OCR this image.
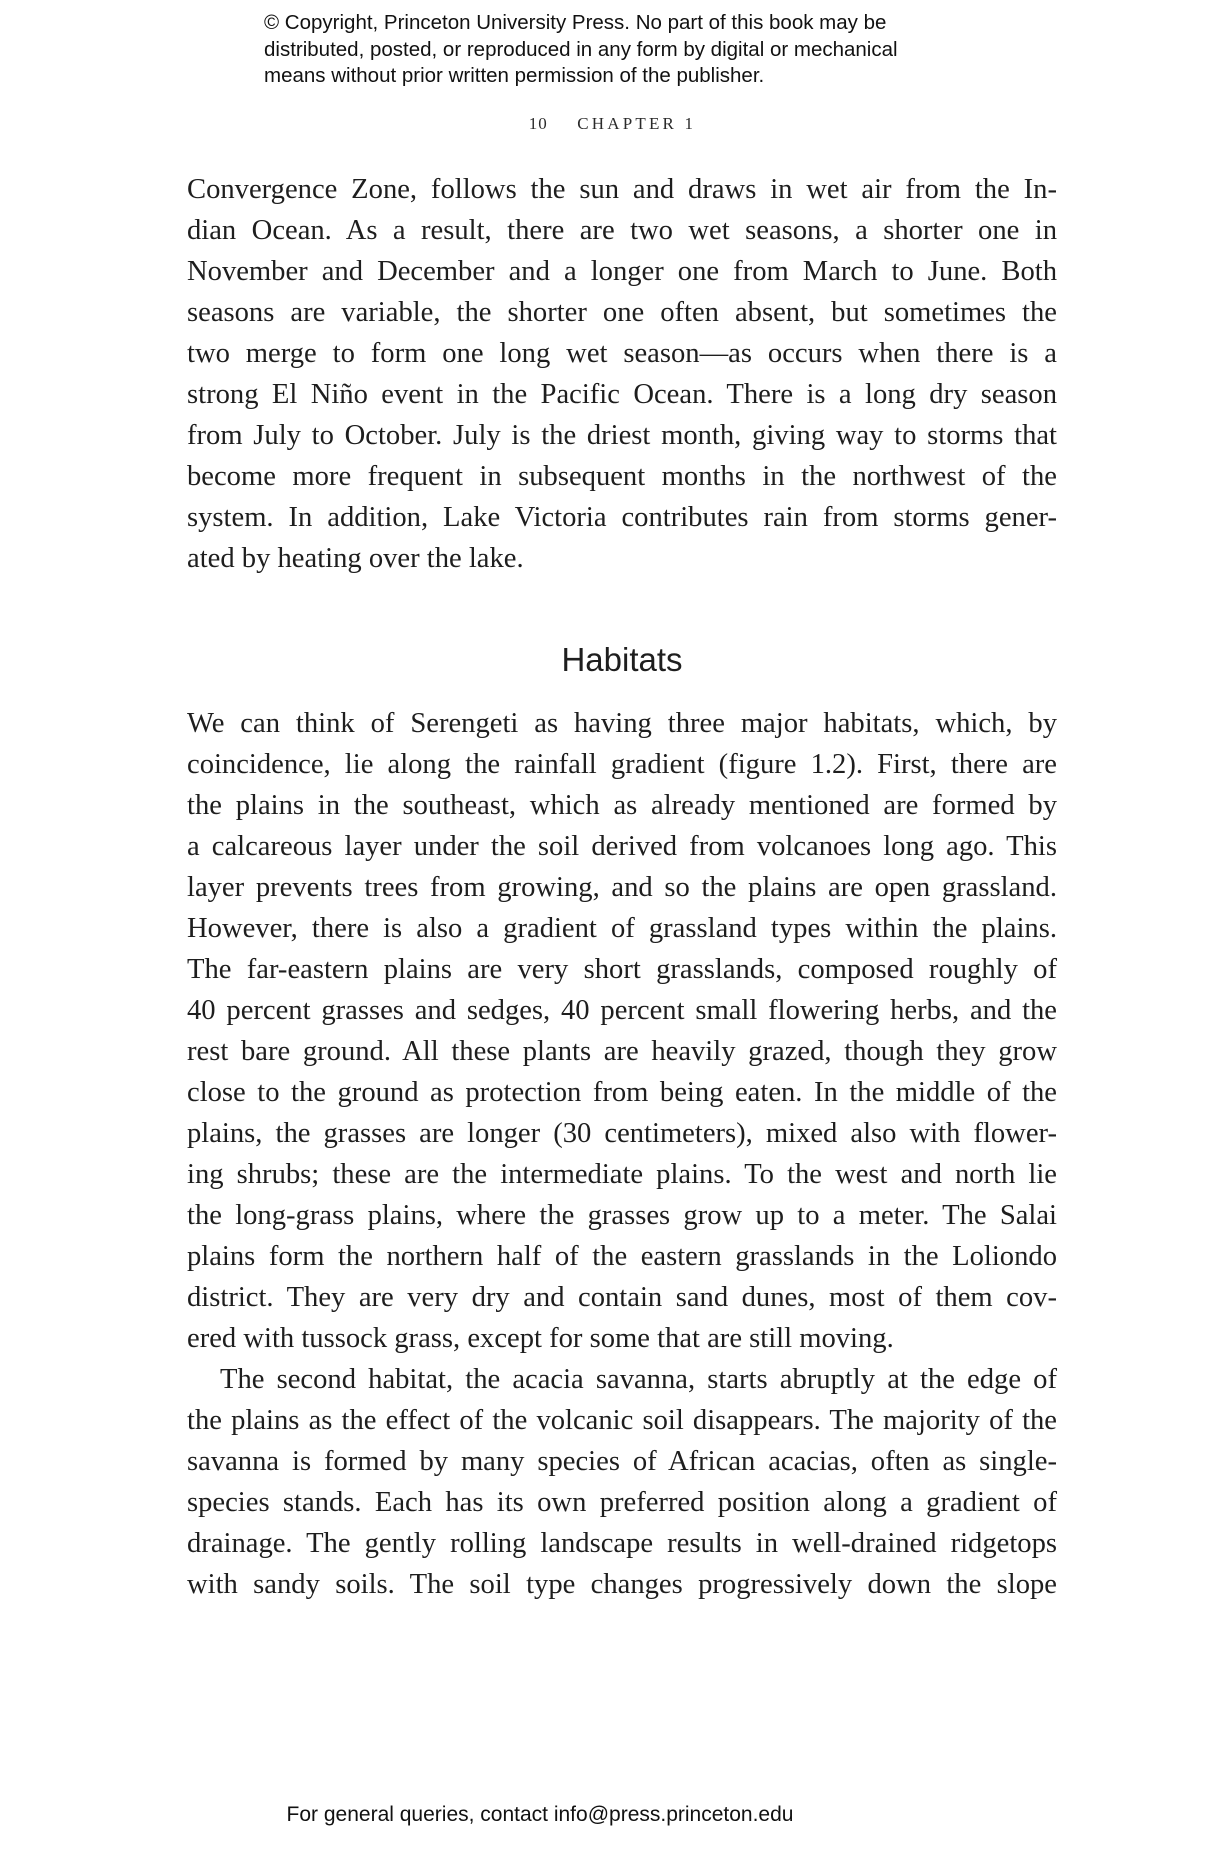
© Copyright, Princeton University Press. No part of this book may be
distributed, posted, or reproduced in any form by digital or mechanical
means without prior written permission of the publisher.
10 CHAPTER 1
Convergence Zone, follows the sun and draws in wet air from the In-
dian Ocean. As a result, there are two wet seasons, a shorter one in
November and December and a longer one from March to June. Both
seasons are variable, the shorter one often absent, but sometimes the
two merge to form one long wet season—as occurs when there is a
strong El Niño event in the Pacific Ocean. There is a long dry season
from July to October. July is the driest month, giving way to storms that
become more frequent in subsequent months in the northwest of the
system. In addition, Lake Victoria contributes rain from storms gener-
ated by heating over the lake.
Habitats
We can think of Serengeti as having three major habitats, which, by
coincidence, lie along the rainfall gradient (figure 1.2). First, there are
the plains in the southeast, which as already mentioned are formed by
a calcareous layer under the soil derived from volcanoes long ago. This
layer prevents trees from growing, and so the plains are open grassland.
However, there is also a gradient of grassland types within the plains.
The far-eastern plains are very short grasslands, composed roughly of
40 percent grasses and sedges, 40 percent small flowering herbs, and the
rest bare ground. All these plants are heavily grazed, though they grow
close to the ground as protection from being eaten. In the middle of the
plains, the grasses are longer (30 centimeters), mixed also with flower-
ing shrubs; these are the intermediate plains. To the west and north lie
the long-grass plains, where the grasses grow up to a meter. The Salai
plains form the northern half of the eastern grasslands in the Loliondo
district. They are very dry and contain sand dunes, most of them cov-
ered with tussock grass, except for some that are still moving.
The second habitat, the acacia savanna, starts abruptly at the edge of
the plains as the effect of the volcanic soil disappears. The majority of the
savanna is formed by many species of African acacias, often as single-
species stands. Each has its own preferred position along a gradient of
drainage. The gently rolling landscape results in well-drained ridgetops
with sandy soils. The soil type changes progressively down the slope
For general queries, contact info@press.princeton.edu
